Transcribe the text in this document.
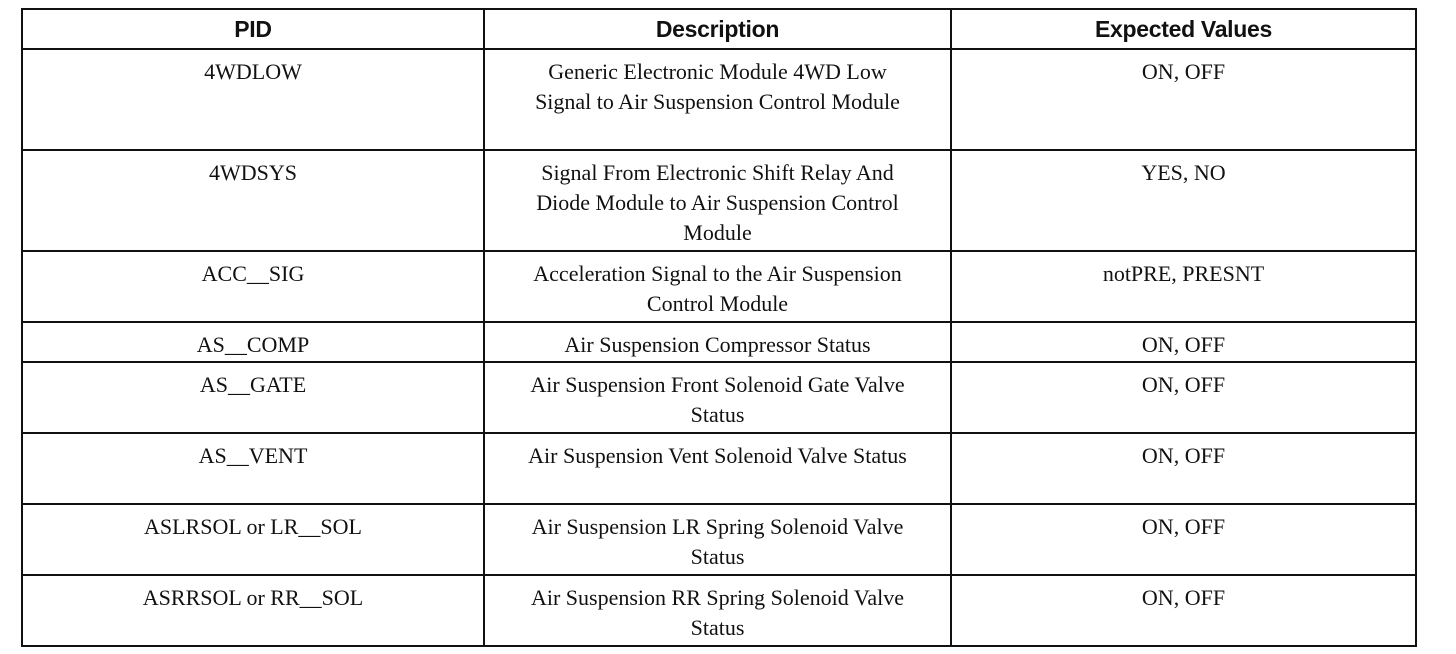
PID	Description	Expected Values
4WDLOW	Generic Electronic Module 4WD Low Signal to Air Suspension Control Module	ON, OFF
4WDSYS	Signal From Electronic Shift Relay And Diode Module to Air Suspension Control Module	YES, NO
ACC__SIG	Acceleration Signal to the Air Suspension Control Module	notPRE, PRESNT
AS__COMP	Air Suspension Compressor Status	ON, OFF
AS__GATE	Air Suspension Front Solenoid Gate Valve Status	ON, OFF
AS__VENT	Air Suspension Vent Solenoid Valve Status	ON, OFF
ASLRSOL or LR__SOL	Air Suspension LR Spring Solenoid Valve Status	ON, OFF
ASRRSOL or RR__SOL	Air Suspension RR Spring Solenoid Valve Status	ON, OFF
